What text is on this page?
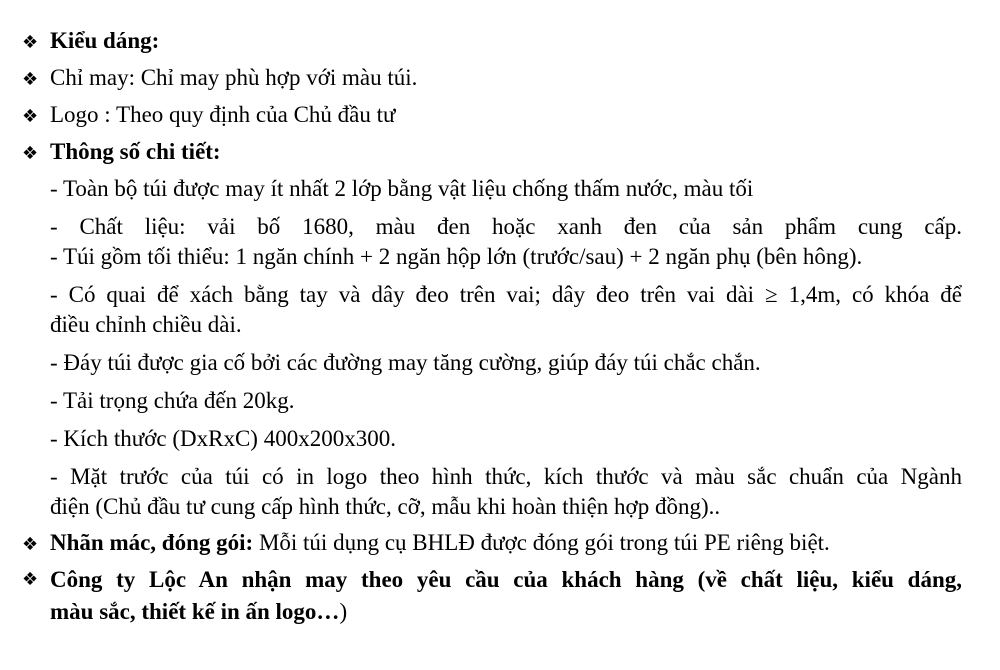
❖ Kiểu dáng:
❖ Chỉ may: Chỉ may phù hợp với màu túi.
❖ Logo : Theo quy định của Chủ đầu tư
❖ Thông số chi tiết:
- Toàn bộ túi được may ít nhất 2 lớp bằng vật liệu chống thấm nước, màu tối
- Chất liệu: vải bố 1680, màu đen hoặc xanh đen của sản phẩm cung cấp.
- Túi gồm tối thiểu: 1 ngăn chính + 2 ngăn hộp lớn (trước/sau) + 2 ngăn phụ (bên hông).
- Có quai để xách bằng tay và dây đeo trên vai; dây đeo trên vai dài ≥ 1,4m, có khóa để
điều chỉnh chiều dài.
- Đáy túi được gia cố bởi các đường may tăng cường, giúp đáy túi chắc chắn.
- Tải trọng chứa đến 20kg.
- Kích thước (DxRxC) 400x200x300.
- Mặt trước của túi có in logo theo hình thức, kích thước và màu sắc chuẩn của Ngành
điện (Chủ đầu tư cung cấp hình thức, cỡ, mẫu khi hoàn thiện hợp đồng)..
❖ Nhãn mác, đóng gói: Mỗi túi dụng cụ BHLĐ được đóng gói trong túi PE riêng biệt.
❖ Công ty Lộc An nhận may theo yêu cầu của khách hàng (về chất liệu, kiểu dáng,
màu sắc, thiết kế in ấn logo…)
